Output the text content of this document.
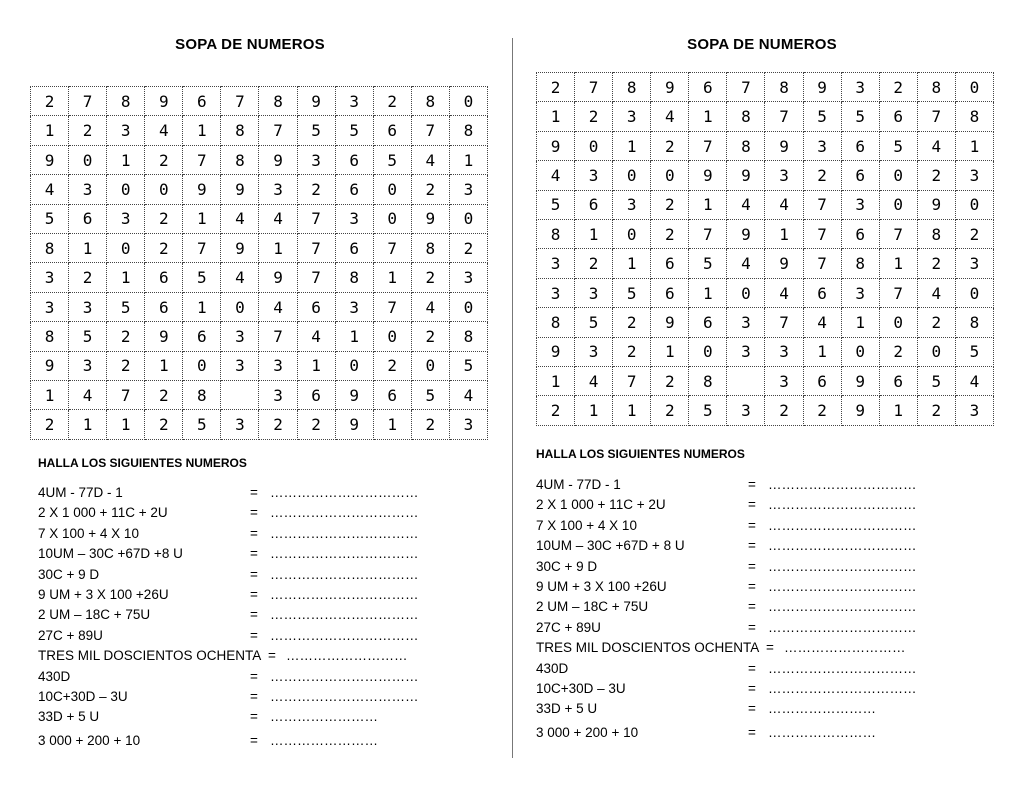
SOPA DE NUMEROS
2	7	8	9	6	7	8	9	3	2	8	0
1	2	3	4	1	8	7	5	5	6	7	8
9	0	1	2	7	8	9	3	6	5	4	1
4	3	0	0	9	9	3	2	6	0	2	3
5	6	3	2	1	4	4	7	3	0	9	0
8	1	0	2	7	9	1	7	6	7	8	2
3	2	1	6	5	4	9	7	8	1	2	3
3	3	5	6	1	0	4	6	3	7	4	0
8	5	2	9	6	3	7	4	1	0	2	8
9	3	2	1	0	3	3	1	0	2	0	5
1	4	7	2	8		3	6	9	6	5	4
2	1	1	2	5	3	2	2	9	1	2	3
HALLA LOS SIGUIENTES NUMEROS
4UM - 77D - 1	= ……………………………
2 X 1 000 + 11C + 2U	= ……………………………
7 X 100 + 4 X 10	= ……………………………
10UM – 30C +67D +8 U	= ……………………………
30C + 9 D	= ……………………………
9 UM + 3 X 100 +26U	= ……………………………
2 UM – 18C + 75U	= ……………………………
27C + 89U	= ……………………………
TRES MIL DOSCIENTOS OCHENTA = ………………………
430D	= ……………………………
10C+30D – 3U	= ……………………………
33D + 5 U	= ……………………
3 000 + 200 + 10	= ……………………
SOPA DE NUMEROS
2	7	8	9	6	7	8	9	3	2	8	0
1	2	3	4	1	8	7	5	5	6	7	8
9	0	1	2	7	8	9	3	6	5	4	1
4	3	0	0	9	9	3	2	6	0	2	3
5	6	3	2	1	4	4	7	3	0	9	0
8	1	0	2	7	9	1	7	6	7	8	2
3	2	1	6	5	4	9	7	8	1	2	3
3	3	5	6	1	0	4	6	3	7	4	0
8	5	2	9	6	3	7	4	1	0	2	8
9	3	2	1	0	3	3	1	0	2	0	5
1	4	7	2	8		3	6	9	6	5	4
2	1	1	2	5	3	2	2	9	1	2	3
HALLA LOS SIGUIENTES NUMEROS
4UM - 77D - 1	= ……………………………
2 X 1 000 + 11C + 2U	= ……………………………
7 X 100 + 4 X 10	= ……………………………
10UM – 30C +67D + 8 U	= ……………………………
30C + 9 D	= ……………………………
9 UM + 3 X 100 +26U	= ……………………………
2 UM – 18C + 75U	= ……………………………
27C + 89U	= ……………………………
TRES MIL DOSCIENTOS OCHENTA = ………………………
430D	= ……………………………
10C+30D – 3U	= ……………………………
33D + 5 U	= ……………………
3 000 + 200 + 10	= ……………………
